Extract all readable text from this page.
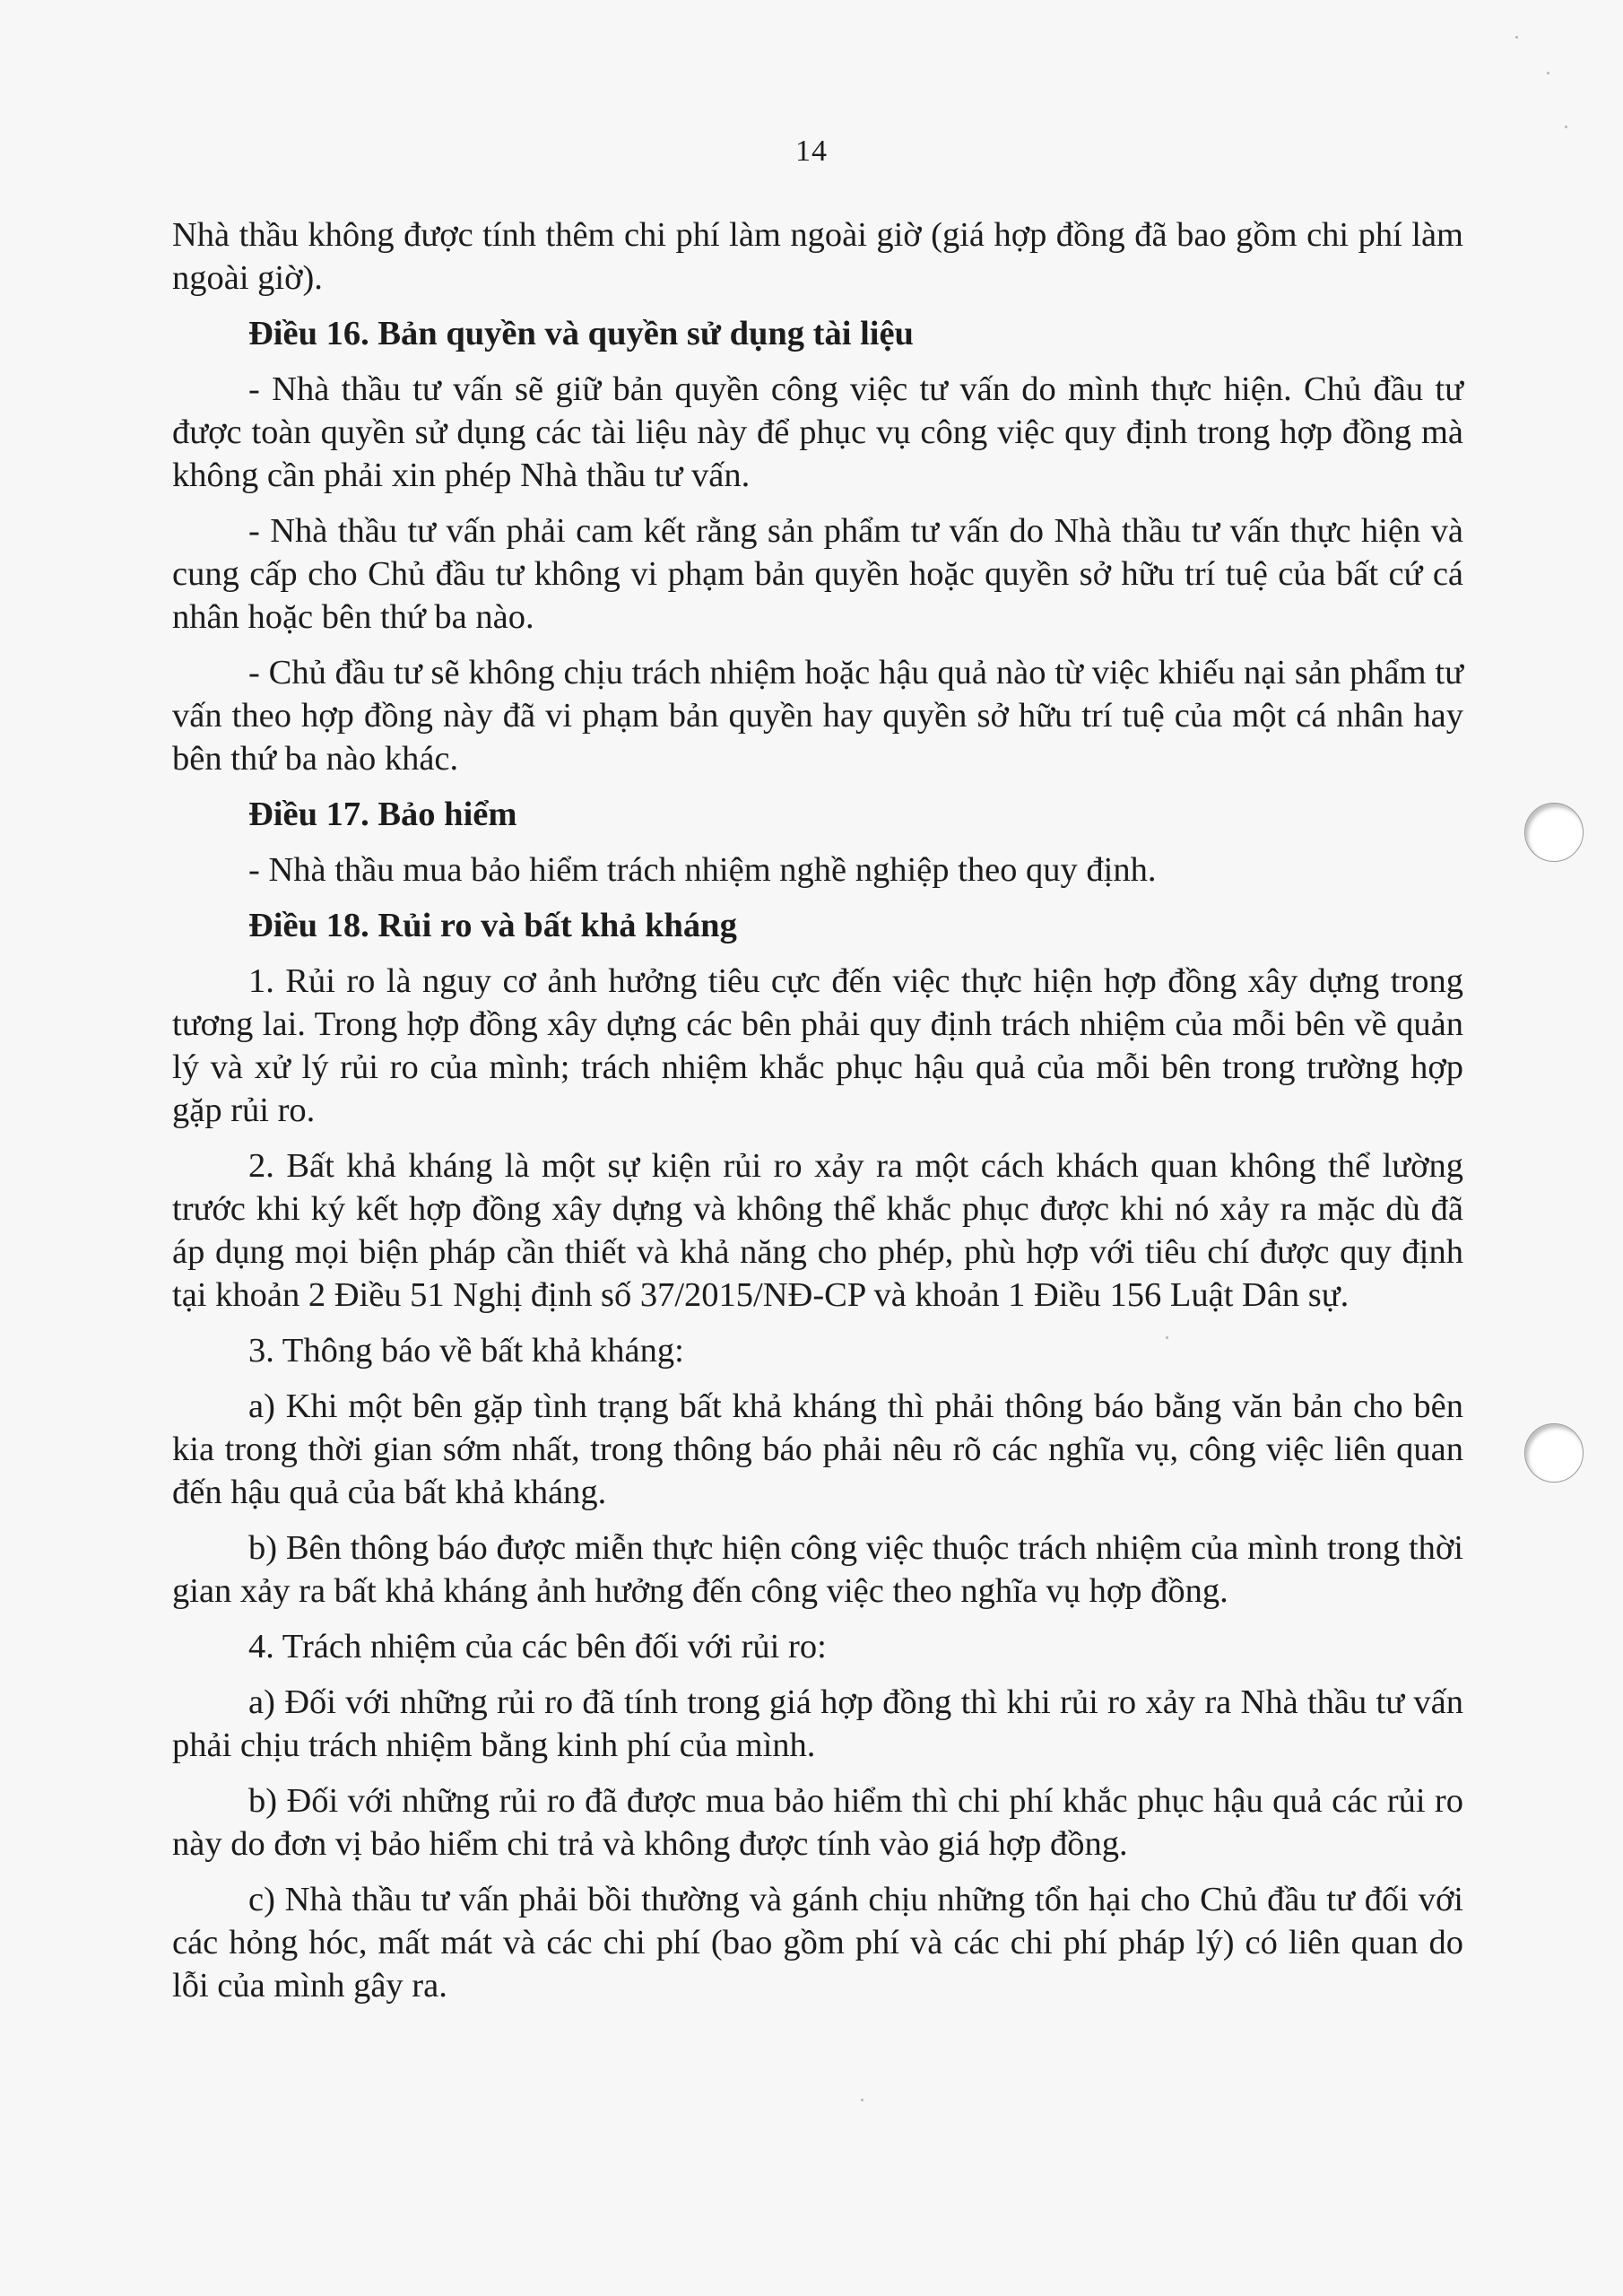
14

Nhà thầu không được tính thêm chi phí làm ngoài giờ (giá hợp đồng đã bao gồm chi phí làm ngoài giờ).

Điều 16. Bản quyền và quyền sử dụng tài liệu

- Nhà thầu tư vấn sẽ giữ bản quyền công việc tư vấn do mình thực hiện. Chủ đầu tư được toàn quyền sử dụng các tài liệu này để phục vụ công việc quy định trong hợp đồng mà không cần phải xin phép Nhà thầu tư vấn.

- Nhà thầu tư vấn phải cam kết rằng sản phẩm tư vấn do Nhà thầu tư vấn thực hiện và cung cấp cho Chủ đầu tư không vi phạm bản quyền hoặc quyền sở hữu trí tuệ của bất cứ cá nhân hoặc bên thứ ba nào.

- Chủ đầu tư sẽ không chịu trách nhiệm hoặc hậu quả nào từ việc khiếu nại sản phẩm tư vấn theo hợp đồng này đã vi phạm bản quyền hay quyền sở hữu trí tuệ của một cá nhân hay bên thứ ba nào khác.

Điều 17. Bảo hiểm

- Nhà thầu mua bảo hiểm trách nhiệm nghề nghiệp theo quy định.

Điều 18. Rủi ro và bất khả kháng

1. Rủi ro là nguy cơ ảnh hưởng tiêu cực đến việc thực hiện hợp đồng xây dựng trong tương lai. Trong hợp đồng xây dựng các bên phải quy định trách nhiệm của mỗi bên về quản lý và xử lý rủi ro của mình; trách nhiệm khắc phục hậu quả của mỗi bên trong trường hợp gặp rủi ro.

2. Bất khả kháng là một sự kiện rủi ro xảy ra một cách khách quan không thể lường trước khi ký kết hợp đồng xây dựng và không thể khắc phục được khi nó xảy ra mặc dù đã áp dụng mọi biện pháp cần thiết và khả năng cho phép, phù hợp với tiêu chí được quy định tại khoản 2 Điều 51 Nghị định số 37/2015/NĐ-CP và khoản 1 Điều 156 Luật Dân sự.

3. Thông báo về bất khả kháng:

a) Khi một bên gặp tình trạng bất khả kháng thì phải thông báo bằng văn bản cho bên kia trong thời gian sớm nhất, trong thông báo phải nêu rõ các nghĩa vụ, công việc liên quan đến hậu quả của bất khả kháng.

b) Bên thông báo được miễn thực hiện công việc thuộc trách nhiệm của mình trong thời gian xảy ra bất khả kháng ảnh hưởng đến công việc theo nghĩa vụ hợp đồng.

4. Trách nhiệm của các bên đối với rủi ro:

a) Đối với những rủi ro đã tính trong giá hợp đồng thì khi rủi ro xảy ra Nhà thầu tư vấn phải chịu trách nhiệm bằng kinh phí của mình.

b) Đối với những rủi ro đã được mua bảo hiểm thì chi phí khắc phục hậu quả các rủi ro này do đơn vị bảo hiểm chi trả và không được tính vào giá hợp đồng.

c) Nhà thầu tư vấn phải bồi thường và gánh chịu những tổn hại cho Chủ đầu tư đối với các hỏng hóc, mất mát và các chi phí (bao gồm phí và các chi phí pháp lý) có liên quan do lỗi của mình gây ra.
